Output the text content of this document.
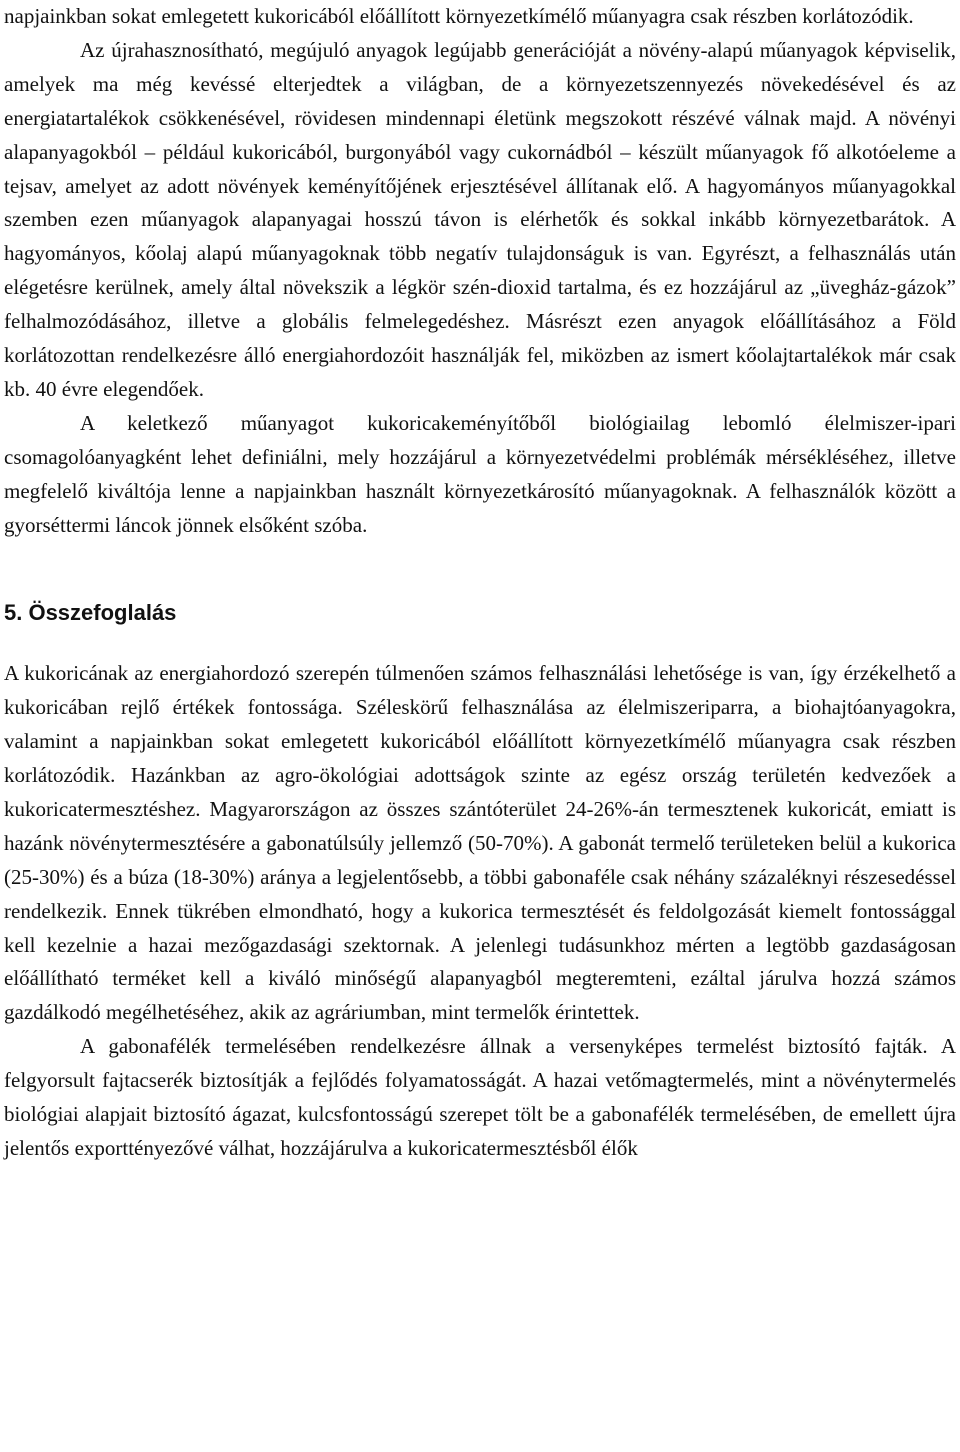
napjainkban sokat emlegetett kukoricából előállított környezetkímélő műanyagra csak részben korlátozódik.

Az újrahasznosítható, megújuló anyagok legújabb generációját a növény-alapú műanyagok képviselik, amelyek ma még kevéssé elterjedtek a világban, de a környezetszennyezés növekedésével és az energiatartalékok csökkenésével, rövidesen mindennapi életünk megszokott részévé válnak majd. A növényi alapanyagokból – például kukoricából, burgonyából vagy cukornádból – készült műanyagok fő alkotóeleme a tejsav, amelyet az adott növények keményítőjének erjesztésével állítanak elő. A hagyományos műanyagokkal szemben ezen műanyagok alapanyagai hosszú távon is elérhetők és sokkal inkább környezetbarátok. A hagyományos, kőolaj alapú műanyagoknak több negatív tulajdonságuk is van. Egyrészt, a felhasználás után elégetésre kerülnek, amely által növekszik a légkör szén-dioxid tartalma, és ez hozzájárul az „üvegház-gázok” felhalmozódásához, illetve a globális felmelegedéshez. Másrészt ezen anyagok előállításához a Föld korlátozottan rendelkezésre álló energiahordozóit használják fel, miközben az ismert kőolajtartalékok már csak kb. 40 évre elegendőek.

A keletkező műanyagot kukoricakeményítőből biológiailag lebomló élelmiszer-ipari csomagolóanyagként lehet definiálni, mely hozzájárul a környezetvédelmi problémák mérsékléséhez, illetve megfelelő kiváltója lenne a napjainkban használt környezetkárosító műanyagoknak. A felhasználók között a gyorséttermi láncok jönnek elsőként szóba.

5. Összefoglalás

A kukoricának az energiahordozó szerepén túlmenően számos felhasználási lehetősége is van, így érzékelhető a kukoricában rejlő értékek fontossága. Széleskörű felhasználása az élelmiszeriparra, a biohajtóanyagokra, valamint a napjainkban sokat emlegetett kukoricából előállított környezetkímélő műanyagra csak részben korlátozódik. Hazánkban az agro-ökológiai adottságok szinte az egész ország területén kedvezőek a kukoricatermesztéshez. Magyarországon az összes szántóterület 24-26%-án termesztenek kukoricát, emiatt is hazánk növénytermesztésére a gabonatúlsúly jellemző (50-70%). A gabonát termelő területeken belül a kukorica (25-30%) és a búza (18-30%) aránya a legjelentősebb, a többi gabonaféle csak néhány százaléknyi részesedéssel rendelkezik. Ennek tükrében elmondható, hogy a kukorica termesztését és feldolgozását kiemelt fontossággal kell kezelnie a hazai mezőgazdasági szektornak. A jelenlegi tudásunkhoz mérten a legtöbb gazdaságosan előállítható terméket kell a kiváló minőségű alapanyagból megteremteni, ezáltal járulva hozzá számos gazdálkodó megélhetéséhez, akik az agráriumban, mint termelők érintettek.

A gabonafélék termelésében rendelkezésre állnak a versenyképes termelést biztosító fajták. A felgyorsult fajtacserék biztosítják a fejlődés folyamatosságát. A hazai vetőmagtermelés, mint a növénytermelés biológiai alapjait biztosító ágazat, kulcsfontosságú szerepet tölt be a gabonafélék termelésében, de emellett újra jelentős exporttényezővé válhat, hozzájárulva a kukoricatermesztésből élők
